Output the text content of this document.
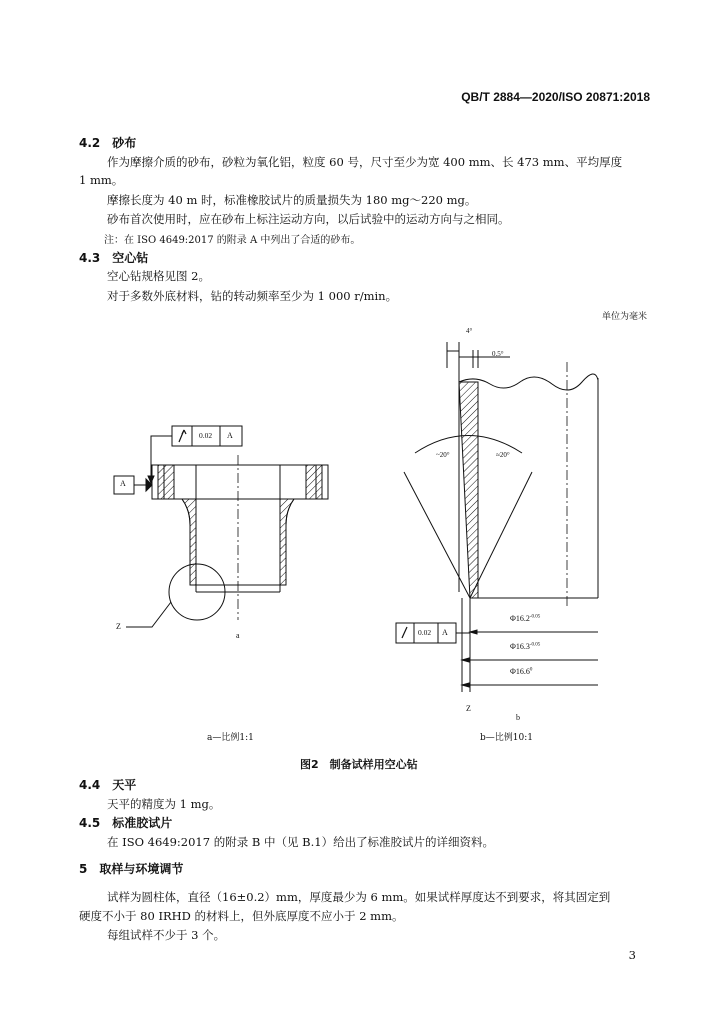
QB/T 2884—2020/ISO 20871:2018
4.2　砂布
作为摩擦介质的砂布，砂粒为氧化铝，粒度 60 号，尺寸至少为宽 400 mm、长 473 mm、平均厚度
1 mm。
摩擦长度为 40 m 时，标准橡胶试片的质量损失为 180 mg～220 mg。
砂布首次使用时，应在砂布上标注运动方向，以后试验中的运动方向与之相同。
注：在 ISO 4649:2017 的附录 A 中列出了合适的砂布。
4.3　空心钻
空心钻规格见图 2。
对于多数外底材料，钻的转动频率至少为 1 000 r/min。
单位为毫米
0.02 A
A
Z
a
4°
0.5°
~20°	≈20°
0.02 A
$\Phi 16.2^{-0.05}$
$\Phi 16.3^{-0.05}$
Φ16.6$^0$
Z
b
a—比例1:1	b—比例10:1
图2　制备试样用空心钻
4.4　天平
天平的精度为 1 mg。
4.5　标准胶试片
在 ISO 4649:2017 的附录 B 中（见 B.1）给出了标准胶试片的详细资料。
5　取样与环境调节
试样为圆柱体，直径（16±0.2）mm，厚度最少为 6 mm。如果试样厚度达不到要求，将其固定到
硬度不小于 80 IRHD 的材料上，但外底厚度不应小于 2 mm。
每组试样不少于 3 个。
3
